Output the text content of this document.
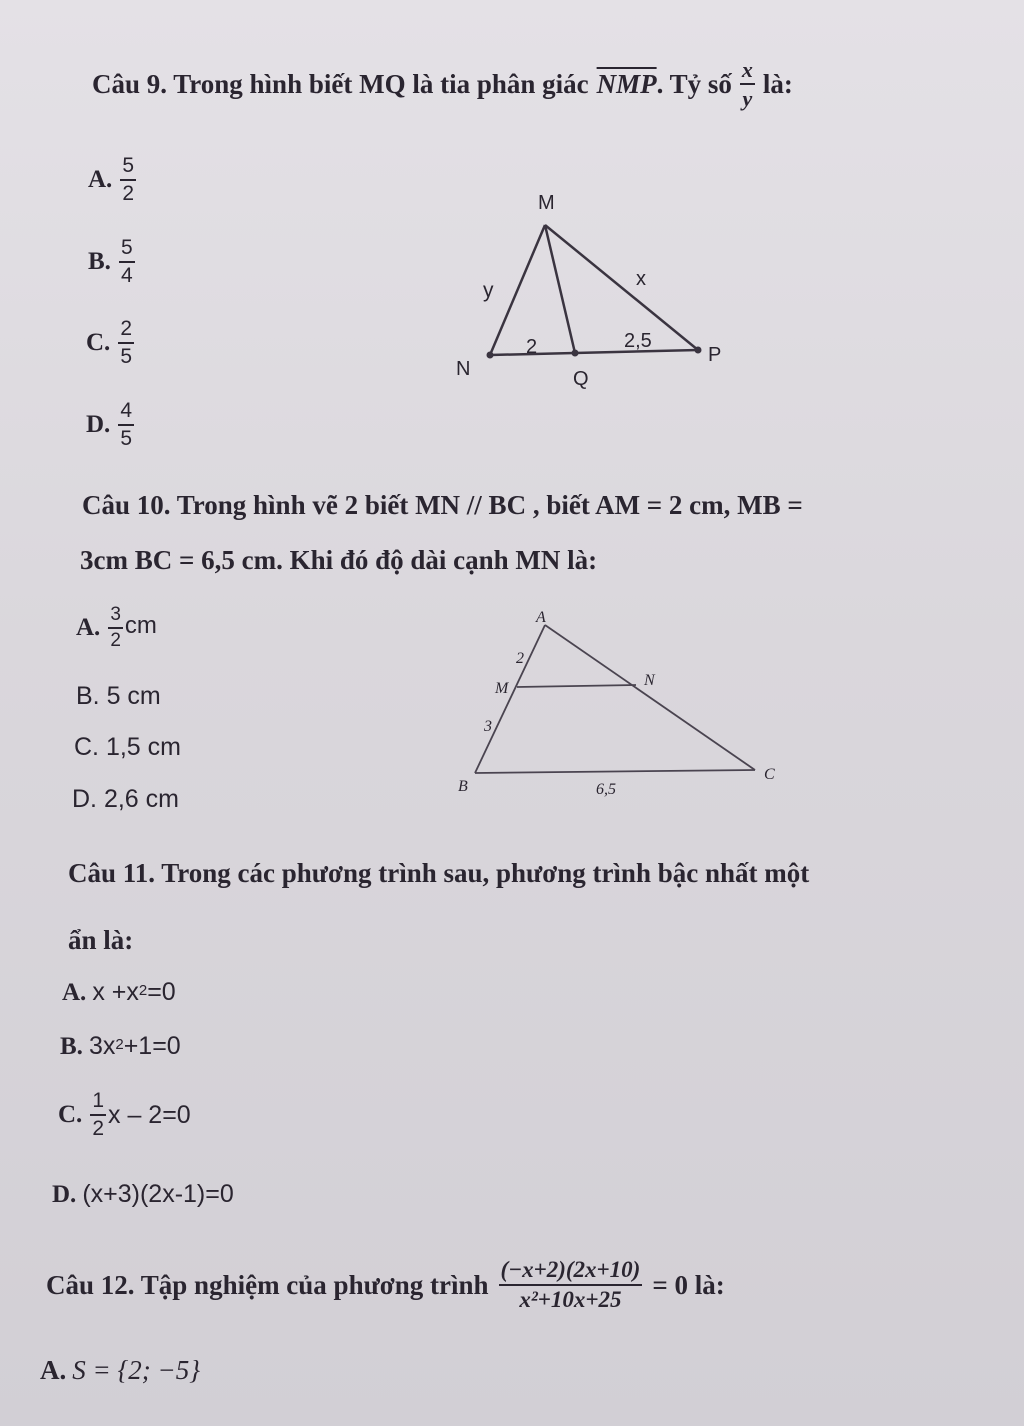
Câu 9. Trong hình biết MQ là tia phân giác $\overline{NMP}$ . Tỷ số $\frac{x}{y}$ là:
A. $\frac{5}{2}$
B. $\frac{5}{4}$
C. $\frac{2}{5}$
D. $\frac{4}{5}$
M
N
P
Q
y	x
2	2,5
Câu 10. Trong hình vẽ 2 biết MN // BC , biết AM = 2 cm, MB =
3cm BC = 6,5 cm. Khi đó độ dài cạnh MN là:
A. $\frac{3}{2}$ cm
B. 5 cm
C. 1,5 cm
D. 2,6 cm
A
2
M	N
3
B
C
6,5
Câu 11. Trong các phương trình sau, phương trình bậc nhất một
ẩn là:
A. $x +x^2 =0$
B. $3x^2 +1=0$
C. $\frac{1}{2}$ x – 2=0
D. (x+3)(2x-1)=0
Câu 12. Tập nghiệm của phương trình $\frac{(-x+2)(2x+10)}{\text{x²+10x+25}} = 0$ là:
A. S = {2; −5}
